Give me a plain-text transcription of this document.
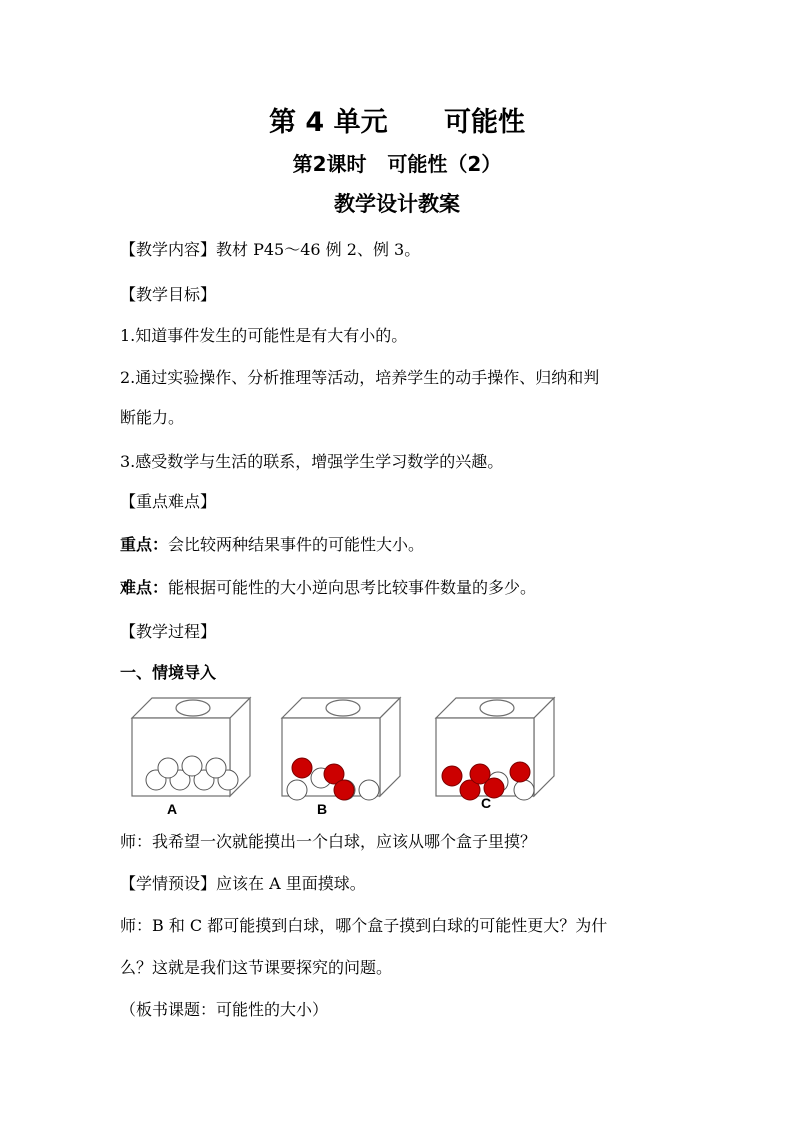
第 4 单元      可能性
第2课时   可能性（2）
教学设计教案

【教学内容】教材 P45～46 例 2、例 3。

【教学目标】

1.知道事件发生的可能性是有大有小的。

2.通过实验操作、分析推理等活动，培养学生的动手操作、归纳和判

断能力。

3.感受数学与生活的联系，增强学生学习数学的兴趣。

【重点难点】

重点：会比较两种结果事件的可能性大小。

难点：能根据可能性的大小逆向思考比较事件数量的多少。

【教学过程】

一、情境导入

A	B	C

师：我希望一次就能摸出一个白球，应该从哪个盒子里摸？

【学情预设】应该在 A 里面摸球。

师：B 和 C 都可能摸到白球，哪个盒子摸到白球的可能性更大？为什

么？这就是我们这节课要探究的问题。

（板书课题：可能性的大小）
